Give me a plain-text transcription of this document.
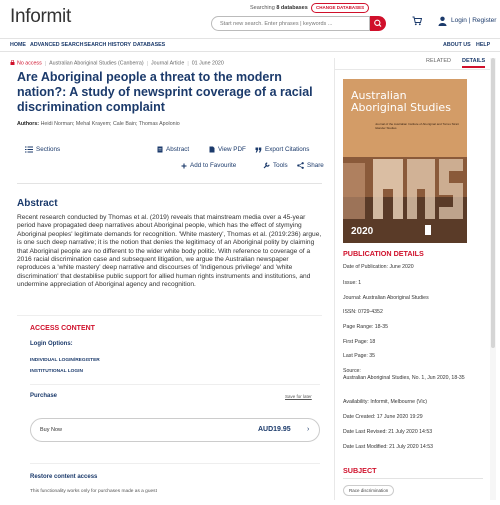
Informit	Searching 8 databases	CHANGE DATABASES
Start new search. Enter phrases | keywords ...	Login | Register
HOME ADVANCED SEARCH SEARCH HISTORY DATABASES	ABOUT US HELP
No access | Australian Aboriginal Studies (Canberra) | Journal Article | 01 June 2020
Are Aboriginal people a threat to the modern nation?: A study of newsprint coverage of a racial discrimination complaint
Authors: Heidi Norman; Mehal Krayem; Cale Bain; Thomas Apolonio
Sections	Abstract	View PDF	Export Citations
Add to Favourite	Tools	Share
Abstract

Recent research conducted by Thomas et al. (2019) reveals that mainstream media over a 45-year period have propagated deep narratives about Aboriginal people, which has the effect of stymying Aboriginal peoples' legitimate demands for recognition. 'White mastery', Thomas et al. (2019:236) argue, is one such deep narrative; it is the notion that denies the legitimacy of an Aboriginal polity by claiming that Aboriginal people are no different to the wider white body politic. With reference to coverage of a 2016 racial discrimination case and subsequent litigation, we argue the Australian newspaper reproduces a 'white mastery' deep narrative and discourses of 'Indigenous privilege' and 'white discrimination' that destabilise public support for allied human rights instruments and institutions, and undermine appreciation of Aboriginal agency and recognition.

ACCESS CONTENT
Login Options:
INDIVIDUAL LOGIN/REGISTER
INSTITUTIONAL LOGIN
Purchase	Save for later
Buy Now	AUD19.95 ›
Restore content access
This functionality works only for purchases made as a guest
RELATED DETAILS
Australian
Aboriginal Studies
Journal of the Australian Institute of Aboriginal and Torres Strait Islander Studies
2020
PUBLICATION DETAILS
Date of Publication: June 2020
Issue: 1
Journal: Australian Aboriginal Studies
ISSN: 0729-4352
Page Range: 18-35
First Page: 18
Last Page: 35
Source:
Australian Aboriginal Studies, No. 1, Jun 2020, 18-35
Availability: Informit, Melbourne (Vic)
Date Created: 17 June 2020 19:29
Date Last Revised: 21 July 2020 14:53
Date Last Modified: 21 July 2020 14:53
SUBJECT
Race discrimination
